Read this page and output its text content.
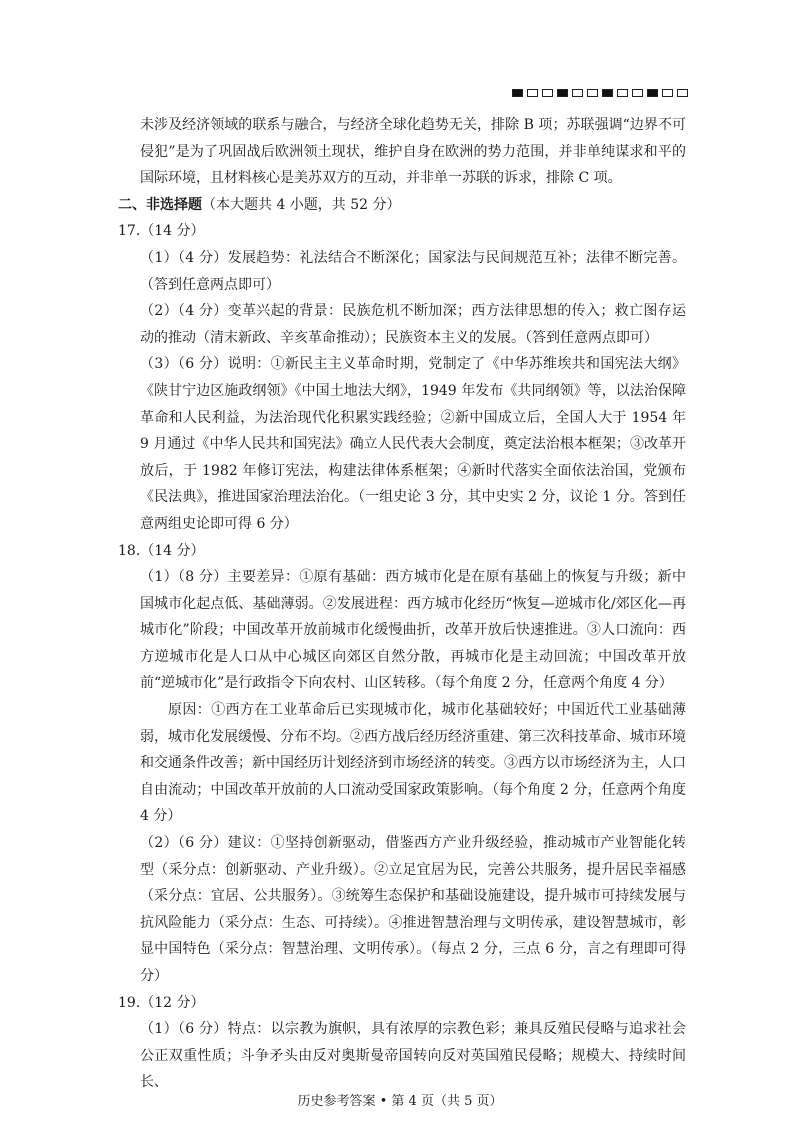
未涉及经济领域的联系与融合，与经济全球化趋势无关，排除 B 项；苏联强调“边界不可侵犯”是为了巩固战后欧洲领土现状，维护自身在欧洲的势力范围，并非单纯谋求和平的国际环境，且材料核心是美苏双方的互动，并非单一苏联的诉求，排除 C 项。

二、非选择题（本大题共 4 小题，共 52 分）

17.（14 分）

（1）（4 分）发展趋势：礼法结合不断深化；国家法与民间规范互补；法律不断完善。（答到任意两点即可）

（2）（4 分）变革兴起的背景：民族危机不断加深；西方法律思想的传入；救亡图存运动的推动（清末新政、辛亥革命推动）；民族资本主义的发展。（答到任意两点即可）

（3）（6 分）说明：①新民主主义革命时期，党制定了《中华苏维埃共和国宪法大纲》《陕甘宁边区施政纲领》《中国土地法大纲》，1949 年发布《共同纲领》等，以法治保障革命和人民利益，为法治现代化积累实践经验；②新中国成立后，全国人大于 1954 年 9 月通过《中华人民共和国宪法》确立人民代表大会制度，奠定法治根本框架；③改革开放后，于 1982 年修订宪法，构建法律体系框架；④新时代落实全面依法治国，党颁布《民法典》，推进国家治理法治化。（一组史论 3 分，其中史实 2 分，议论 1 分。答到任意两组史论即可得 6 分）

18.（14 分）

（1）（8 分）主要差异：①原有基础：西方城市化是在原有基础上的恢复与升级；新中国城市化起点低、基础薄弱。②发展进程：西方城市化经历“恢复—逆城市化/郊区化—再城市化”阶段；中国改革开放前城市化缓慢曲折，改革开放后快速推进。③人口流向：西方逆城市化是人口从中心城区向郊区自然分散，再城市化是主动回流；中国改革开放前“逆城市化”是行政指令下向农村、山区转移。（每个角度 2 分，任意两个角度 4 分）

原因：①西方在工业革命后已实现城市化，城市化基础较好；中国近代工业基础薄弱，城市化发展缓慢、分布不均。②西方战后经历经济重建、第三次科技革命、城市环境和交通条件改善；新中国经历计划经济到市场经济的转变。③西方以市场经济为主，人口自由流动；中国改革开放前的人口流动受国家政策影响。（每个角度 2 分，任意两个角度 4 分）

（2）（6 分）建议：①坚持创新驱动，借鉴西方产业升级经验，推动城市产业智能化转型（采分点：创新驱动、产业升级）。②立足宜居为民，完善公共服务，提升居民幸福感（采分点：宜居、公共服务）。③统筹生态保护和基础设施建设，提升城市可持续发展与抗风险能力（采分点：生态、可持续）。④推进智慧治理与文明传承，建设智慧城市，彰显中国特色（采分点：智慧治理、文明传承）。（每点 2 分，三点 6 分，言之有理即可得分）

19.（12 分）

（1）（6 分）特点：以宗教为旗帜，具有浓厚的宗教色彩；兼具反殖民侵略与追求社会公正双重性质；斗争矛头由反对奥斯曼帝国转向反对英国殖民侵略；规模大、持续时间长、

历史参考答案 • 第 4 页（共 5 页）
